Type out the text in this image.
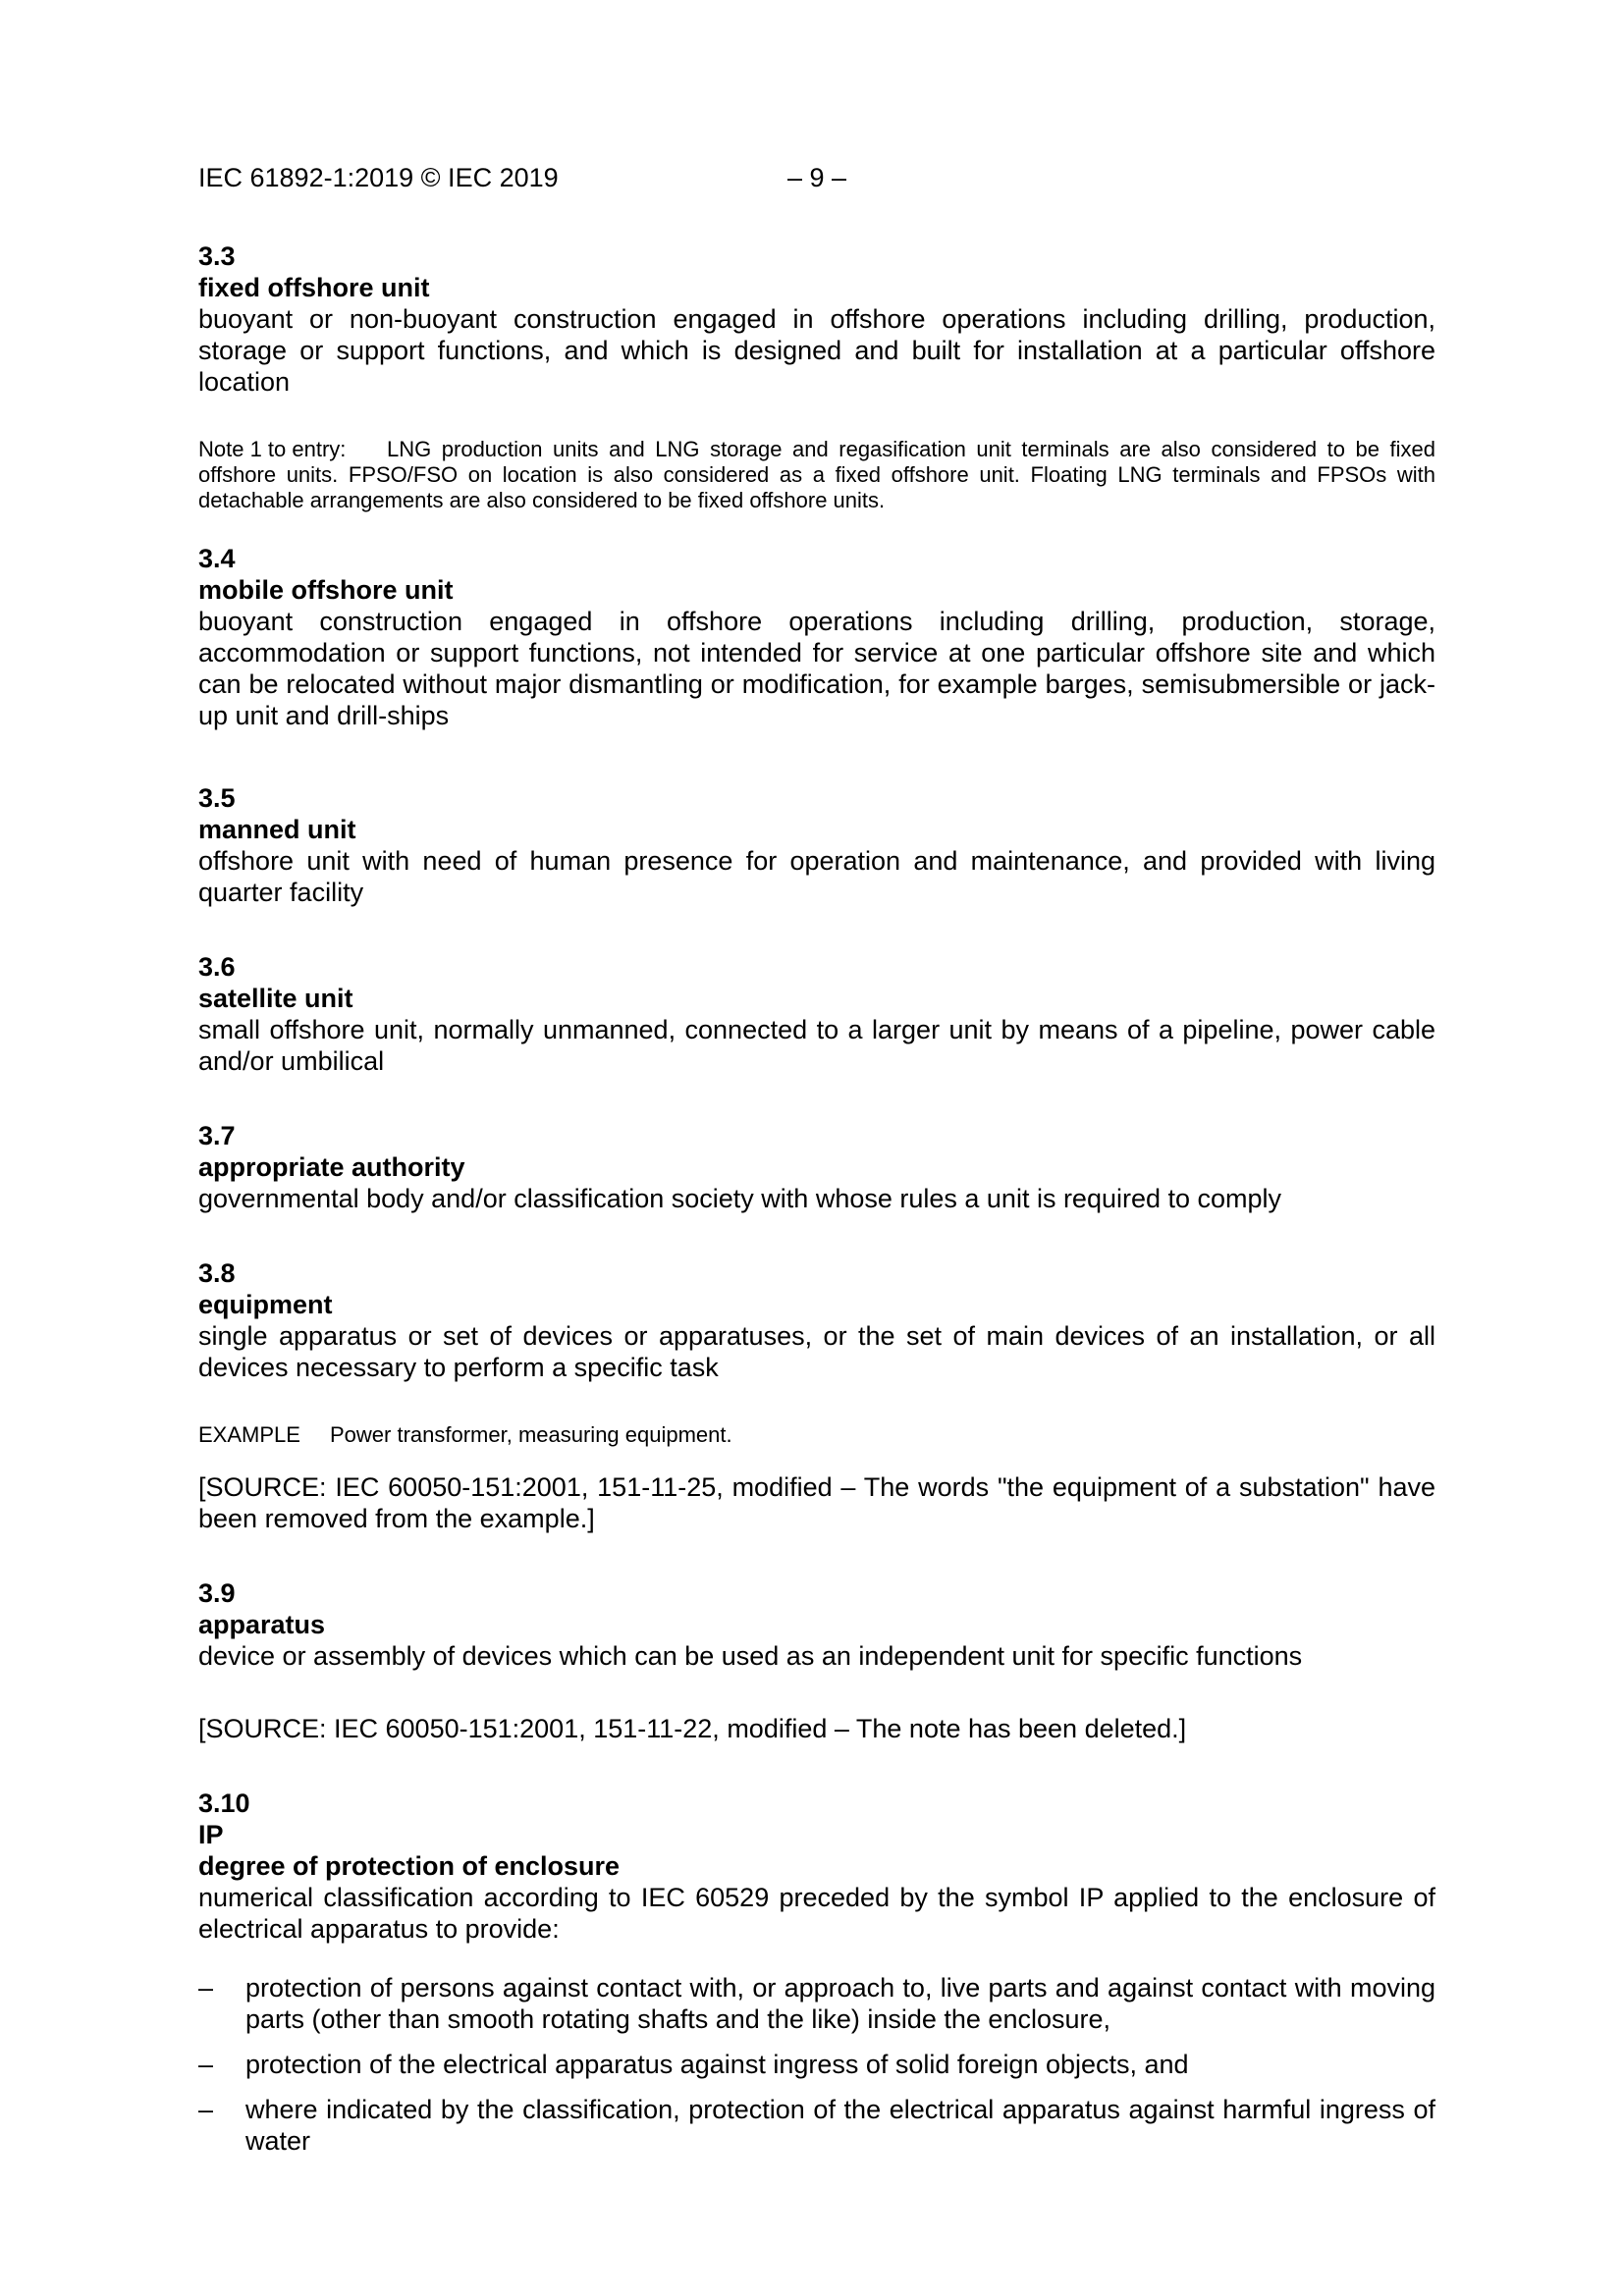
IEC 61892-1:2019 © IEC 2019	– 9 –
3.3
fixed offshore unit
buoyant or non-buoyant construction engaged in offshore operations including drilling, production, storage or support functions, and which is designed and built for installation at a particular offshore location
Note 1 to entry: LNG production units and LNG storage and regasification unit terminals are also considered to be fixed offshore units. FPSO/FSO on location is also considered as a fixed offshore unit. Floating LNG terminals and FPSOs with detachable arrangements are also considered to be fixed offshore units.
3.4
mobile offshore unit
buoyant construction engaged in offshore operations including drilling, production, storage, accommodation or support functions, not intended for service at one particular offshore site and which can be relocated without major dismantling or modification, for example barges, semisubmersible or jack-up unit and drill-ships
3.5
manned unit
offshore unit with need of human presence for operation and maintenance, and provided with living quarter facility
3.6
satellite unit
small offshore unit, normally unmanned, connected to a larger unit by means of a pipeline, power cable and/or umbilical
3.7
appropriate authority
governmental body and/or classification society with whose rules a unit is required to comply
3.8
equipment
single apparatus or set of devices or apparatuses, or the set of main devices of an installation, or all devices necessary to perform a specific task
EXAMPLE Power transformer, measuring equipment.
[SOURCE: IEC 60050-151:2001, 151-11-25, modified – The words "the equipment of a substation" have been removed from the example.]
3.9
apparatus
device or assembly of devices which can be used as an independent unit for specific functions
[SOURCE: IEC 60050-151:2001, 151-11-22, modified – The note has been deleted.]
3.10
IP
degree of protection of enclosure
numerical classification according to IEC 60529 preceded by the symbol IP applied to the enclosure of electrical apparatus to provide:
– protection of persons against contact with, or approach to, live parts and against contact with moving parts (other than smooth rotating shafts and the like) inside the enclosure,
– protection of the electrical apparatus against ingress of solid foreign objects, and
– where indicated by the classification, protection of the electrical apparatus against harmful ingress of water
